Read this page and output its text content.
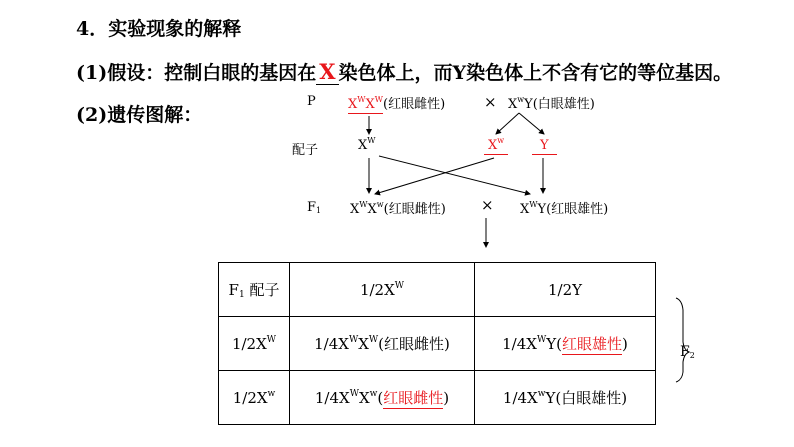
4．实验现象的解释
(1)假设：控制白眼的基因在 X 染色体上，而Y染色体上不含有它的等位基因。
(2)遗传图解：
P
配子
$F_1$
$X^WX^W$(红眼雌性)	× $X^wY$(白眼雄性)
$X^W$	$X^w$	Y
$X^WX^w$(红眼雌性) × $X^WY$(红眼雄性)
$F_1$ 配子	$1/2X^W$	1/2Y
$1/2X^W$	$1/4X^WX^W$(红眼雌性)	$1/4X^WY$(红眼雄性)
$1/2X^w$	$1/4X^WX^w$(红眼雌性)	$1/4X^wY$(白眼雄性)
$F_2$
